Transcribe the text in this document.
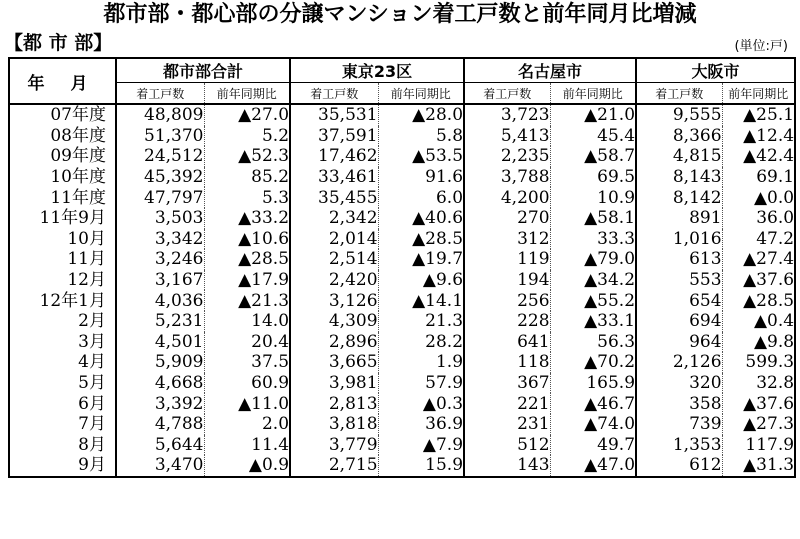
都市部・都心部の分譲マンション着工戸数と前年同月比増減
【都 市 部】	(単位:戸)
年 月	都市部合計		東京23区		名古屋市		大阪市	
	着工戸数	前年同期比	着工戸数	前年同期比	着工戸数	前年同期比	着工戸数	前年同期比
07年度	48,809	▲27.0	35,531	▲28.0	3,723	▲21.0	9,555	▲25.1
08年度	51,370	5.2	37,591	5.8	5,413	45.4	8,366	▲12.4
09年度	24,512	▲52.3	17,462	▲53.5	2,235	▲58.7	4,815	▲42.4
10年度	45,392	85.2	33,461	91.6	3,788	69.5	8,143	69.1
11年度	47,797	5.3	35,455	6.0	4,200	10.9	8,142	▲0.0
11年9月	3,503	▲33.2	2,342	▲40.6	270	▲58.1	891	36.0
10月	3,342	▲10.6	2,014	▲28.5	312	33.3	1,016	47.2
11月	3,246	▲28.5	2,514	▲19.7	119	▲79.0	613	▲27.4
12月	3,167	▲17.9	2,420	▲9.6	194	▲34.2	553	▲37.6
12年1月	4,036	▲21.3	3,126	▲14.1	256	▲55.2	654	▲28.5
2月	5,231	14.0	4,309	21.3	228	▲33.1	694	▲0.4
3月	4,501	20.4	2,896	28.2	641	56.3	964	▲9.8
4月	5,909	37.5	3,665	1.9	118	▲70.2	2,126	599.3
5月	4,668	60.9	3,981	57.9	367	165.9	320	32.8
6月	3,392	▲11.0	2,813	▲0.3	221	▲46.7	358	▲37.6
7月	4,788	2.0	3,818	36.9	231	▲74.0	739	▲27.3
8月	5,644	11.4	3,779	▲7.9	512	49.7	1,353	117.9
9月	3,470	▲0.9	2,715	15.9	143	▲47.0	612	▲31.3
